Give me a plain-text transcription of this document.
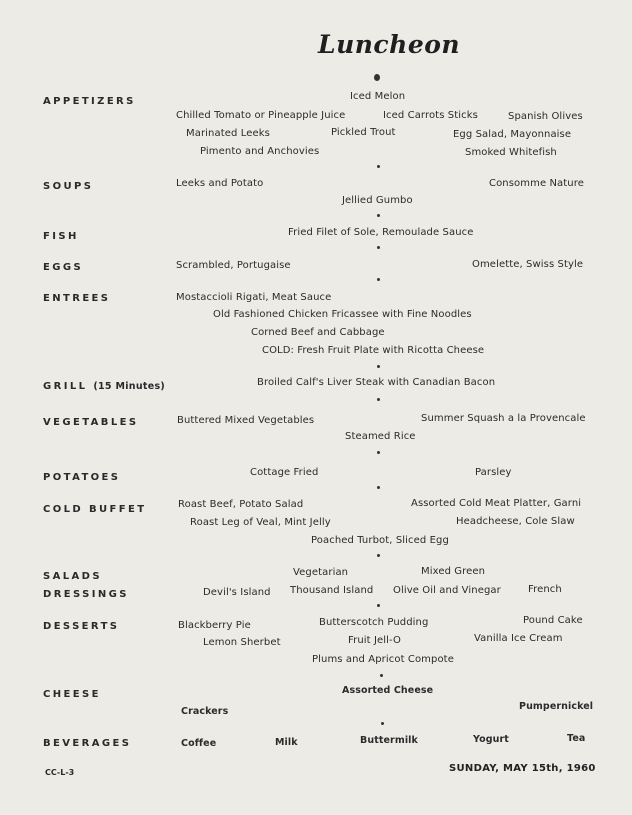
Luncheon
APPETIZERS
SOUPS
FISH
EGGS
ENTREES
GRILL (15 Minutes)
VEGETABLES
POTATOES
COLD BUFFET
SALADS
DRESSINGS
DESSERTS
CHEESE
BEVERAGES
Iced Melon
Chilled Tomato or Pineapple Juice	Iced Carrots Sticks	Spanish Olives
Marinated Leeks	Pickled Trout	Egg Salad, Mayonnaise
Pimento and Anchovies	Smoked Whitefish
Leeks and Potato	Consomme Nature
Jellied Gumbo
Fried Filet of Sole, Remoulade Sauce
Scrambled, Portugaise	Omelette, Swiss Style
Mostaccioli Rigati, Meat Sauce
Old Fashioned Chicken Fricassee with Fine Noodles
Corned Beef and Cabbage
COLD: Fresh Fruit Plate with Ricotta Cheese
Broiled Calf's Liver Steak with Canadian Bacon
Buttered Mixed Vegetables	Summer Squash a la Provencale
Steamed Rice
Cottage Fried	Parsley
Roast Beef, Potato Salad	Assorted Cold Meat Platter, Garni
Roast Leg of Veal, Mint Jelly	Headcheese, Cole Slaw
Poached Turbot, Sliced Egg
Vegetarian	Mixed Green
Devil's Island Thousand Island Olive Oil and Vinegar	French
Blackberry Pie	Butterscotch Pudding	Pound Cake
Lemon Sherbet	Fruit Jell-O	Vanilla Ice Cream
Plums and Apricot Compote
Assorted Cheese
Crackers	Pumpernickel
Coffee	Milk	Buttermilk	Yogurt	Tea
CC-L-3	SUNDAY, MAY 15th, 1960
